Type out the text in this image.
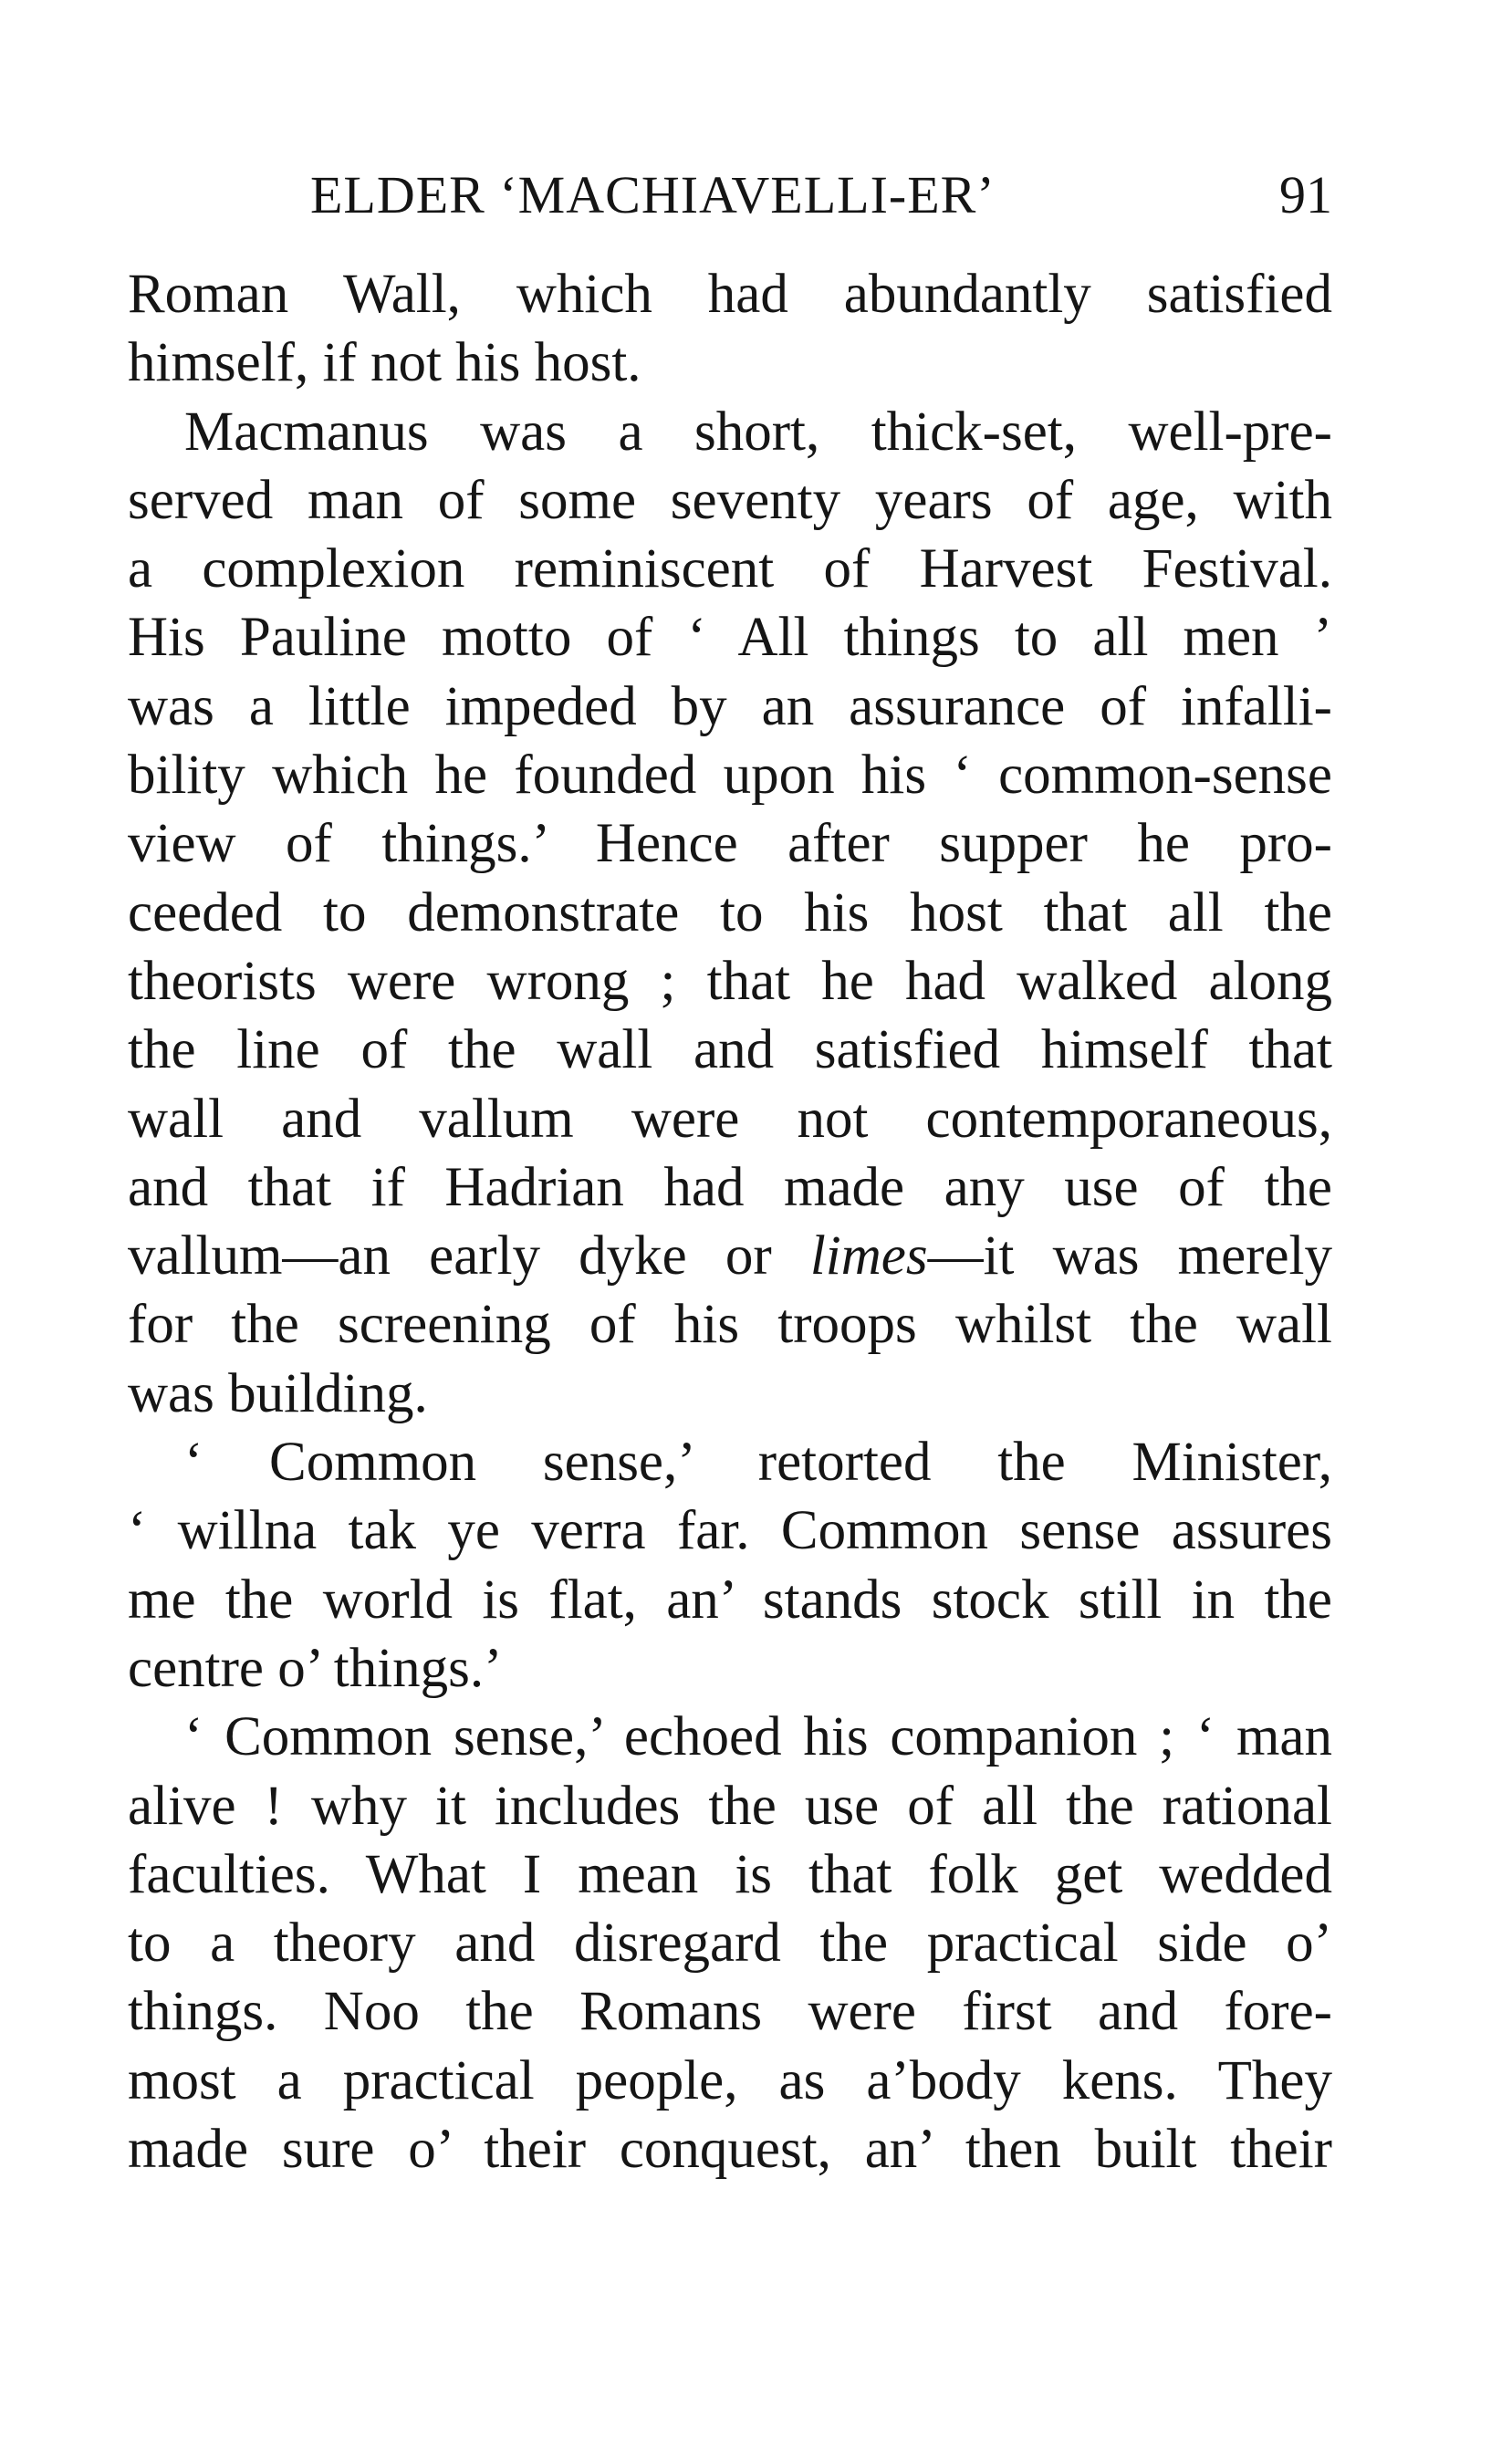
ELDER ‘MACHIAVELLI-ER’	91
Roman Wall, which had abundantly satisfied
himself, if not his host.
Macmanus was a short, thick-set, well-pre-
served man of some seventy years of age, with
a complexion reminiscent of Harvest Festival.
His Pauline motto of ‘ All things to all men ’
was a little impeded by an assurance of infalli-
bility which he founded upon his ‘ common-sense
view of things.’ Hence after supper he pro-
ceeded to demonstrate to his host that all the
theorists were wrong ; that he had walked along
the line of the wall and satisfied himself that
wall and vallum were not contemporaneous,
and that if Hadrian had made any use of the
vallum—an early dyke or limes—it was merely
for the screening of his troops whilst the wall
was building.
‘ Common sense,’ retorted the Minister,
‘ willna tak ye verra far. Common sense assures
me the world is flat, an’ stands stock still in the
centre o’ things.’
‘ Common sense,’ echoed his companion ; ‘ man
alive ! why it includes the use of all the rational
faculties. What I mean is that folk get wedded
to a theory and disregard the practical side o’
things. Noo the Romans were first and fore-
most a practical people, as a’body kens. They
made sure o’ their conquest, an’ then built their
